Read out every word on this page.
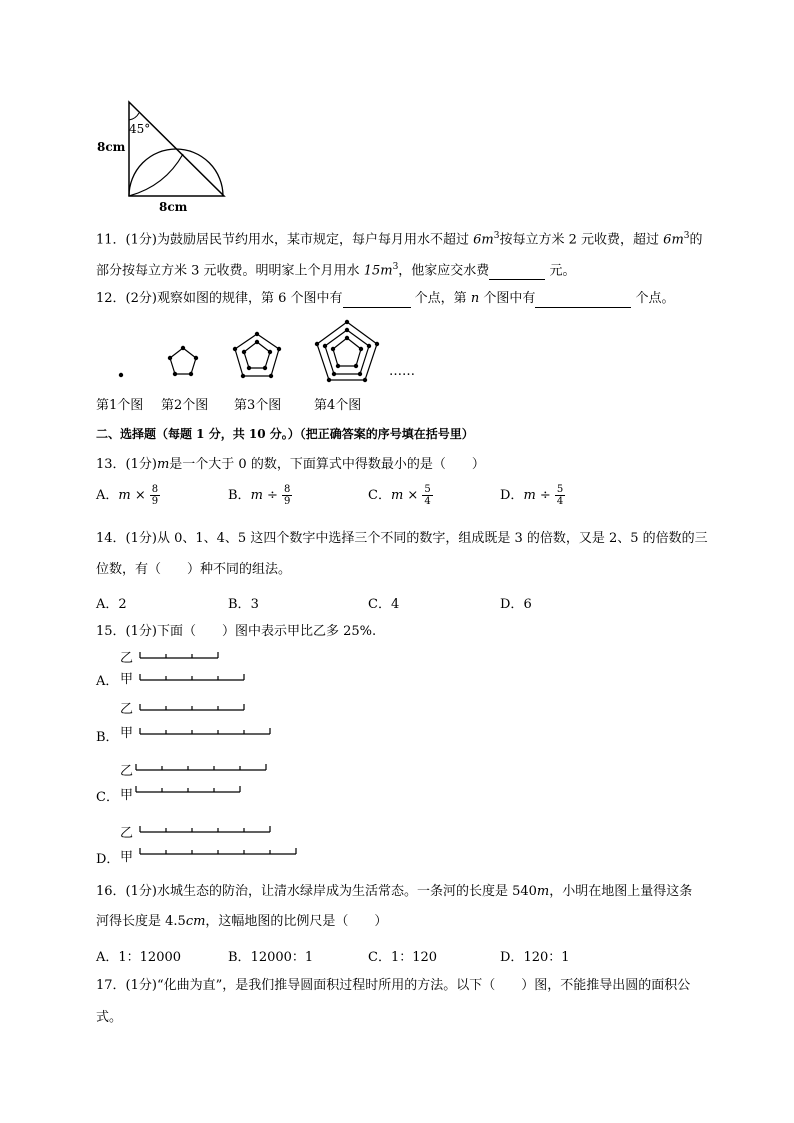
45°
8cm
8cm
11．(1分)为鼓励居民节约用水，某市规定，每户每月用水不超过 $6m^3$按每立方米 2 元收费，超过 $6m^3$的
部分按每立方米 3 元收费。明明家上个月用水 $15m^3$，他家应交水费	元。
12．(2分)观察如图的规律，第 6 个图中有	个点，第 n 个图中有	个点。
……
第1个图 第2个图 第3个图	第4个图
二、选择题（每题 1 分，共 10 分。）（把正确答案的序号填在括号里）
13．(1分)m是一个大于 0 的数，下面算式中得数最小的是（　　）
A．$m \times \frac{8}{9}$	B．$m \div \frac{8}{9}$	C．$m \times \frac{5}{4}$	D．$m \div \frac{5}{4}$
14．(1分)从 0、1、4、5 这四个数字中选择三个不同的数字，组成既是 3 的倍数，又是 2、5 的倍数的三
位数，有（　　）种不同的组法。
A．2	B．3	C．4	D．6
15．(1分)下面（　　）图中表示甲比乙多 25%.
乙
A． 甲
乙
B． 甲
乙
C． 甲
乙
D． 甲
16．(1分)水城生态的防治，让清水绿岸成为生活常态。一条河的长度是 540m，小明在地图上量得这条
河得长度是 4.5cm，这幅地图的比例尺是（　　）
A．1：12000	B．12000：1	C．1：120	D．120：1
17．(1分)“化曲为直”，是我们推导圆面积过程时所用的方法。以下（　　）图，不能推导出圆的面积公
式。
